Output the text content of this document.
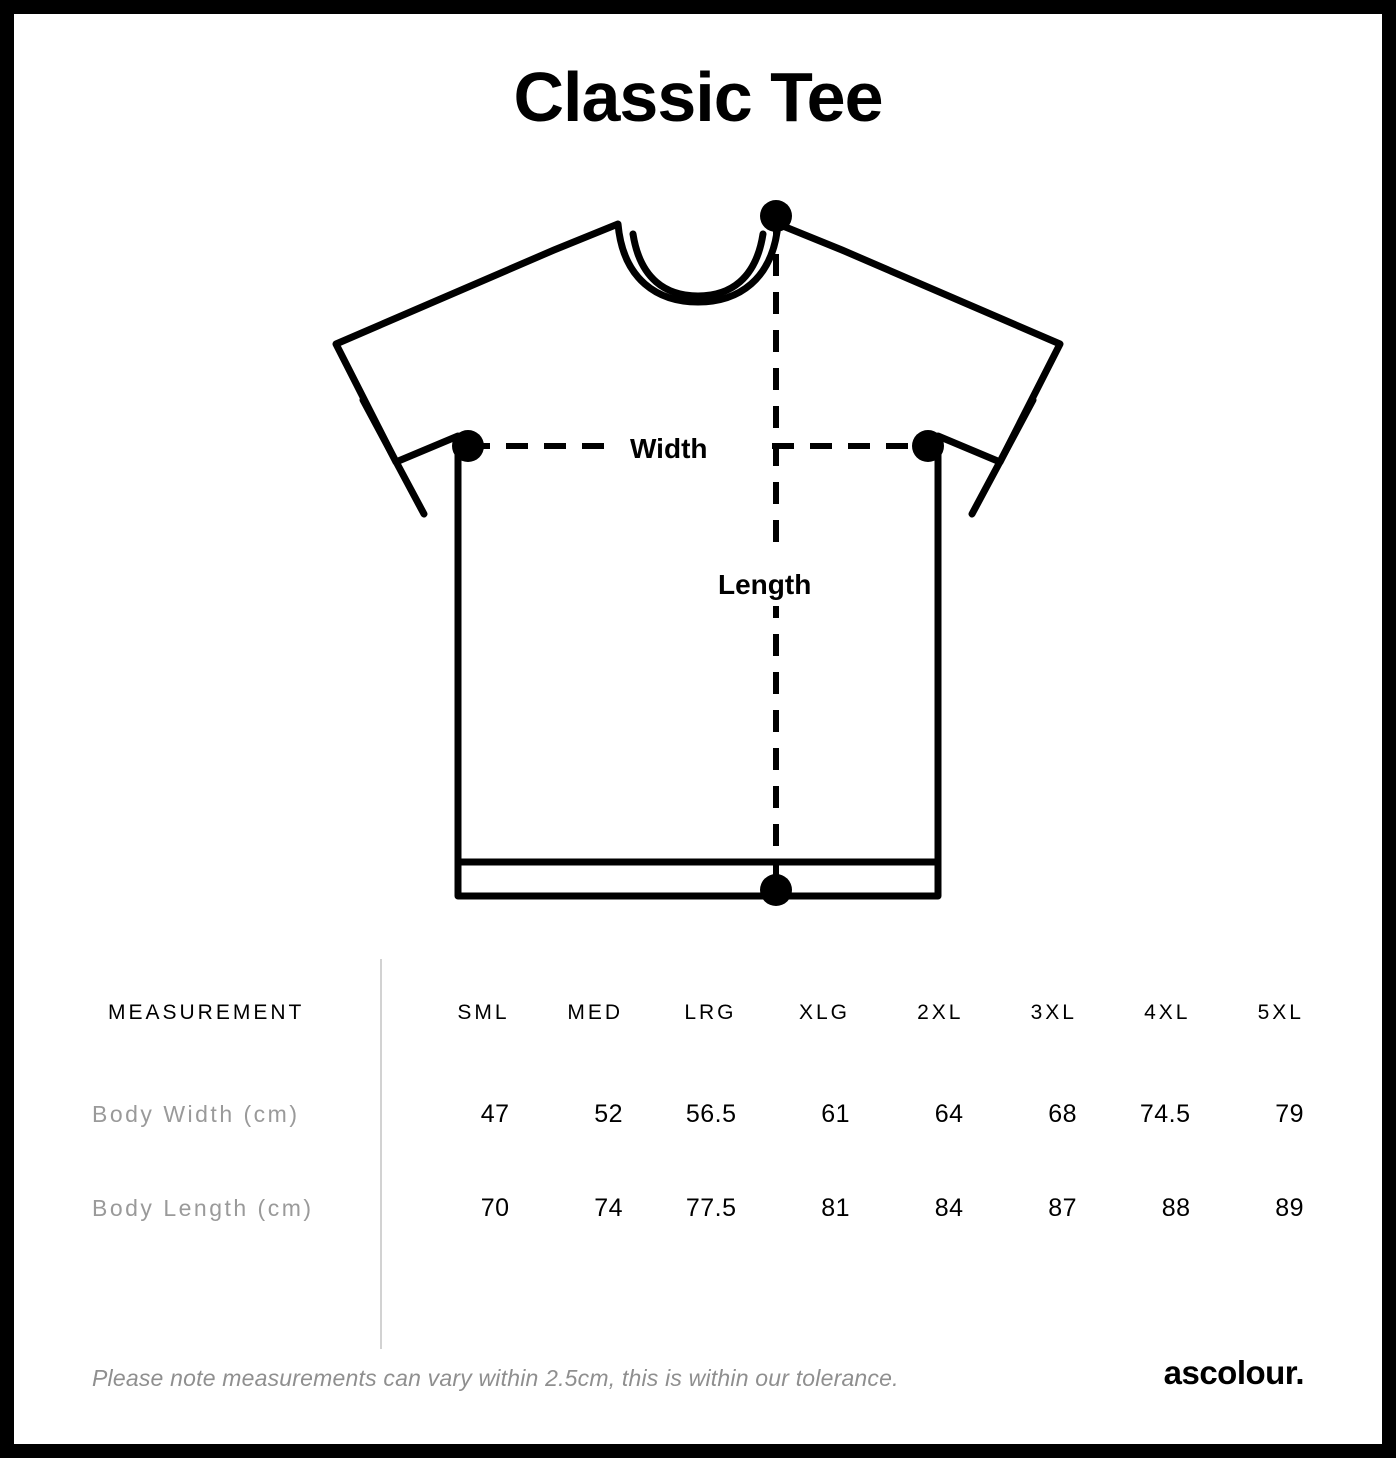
Classic Tee
Width
Length
MEASUREMENT	SML	MED	LRG	XLG	2XL	3XL	4XL	5XL
Body Width (cm)	47	52	56.5	61	64	68	74.5	79
Body Length (cm)	70	74	77.5	81	84	87	88	89
Please note measurements can vary within 2.5cm, this is within our tolerance.	ascolour.
